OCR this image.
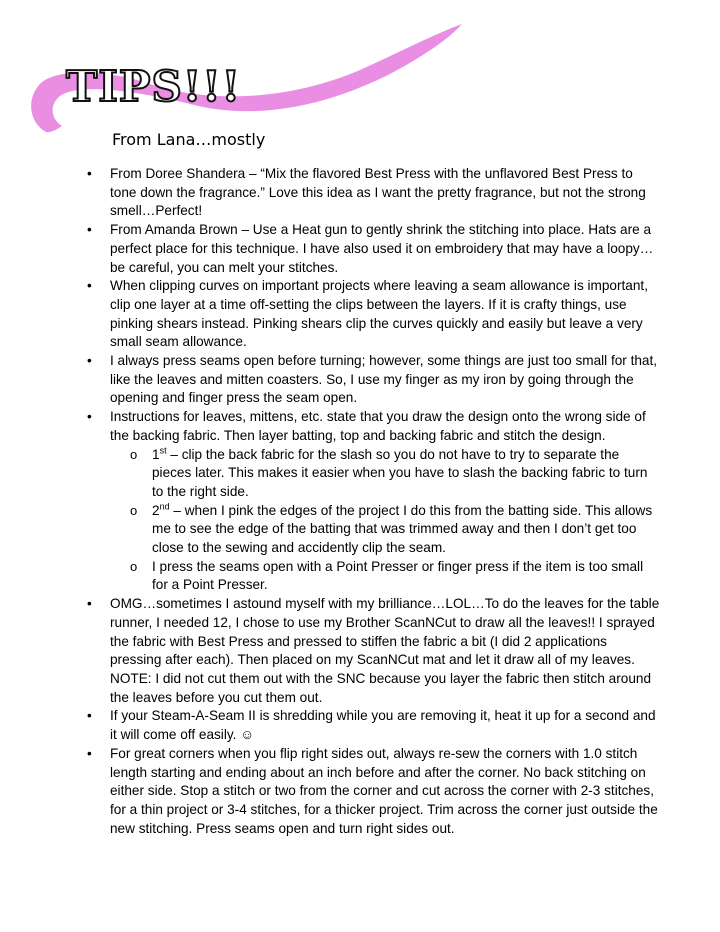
TIPS!!!
From Lana…mostly
• From Doree Shandera – “Mix the flavored Best Press with the unflavored Best Press to tone down the fragrance.” Love this idea as I want the pretty fragrance, but not the strong smell…Perfect!
• From Amanda Brown – Use a Heat gun to gently shrink the stitching into place. Hats are a perfect place for this technique. I have also used it on embroidery that may have a loopy…be careful, you can melt your stitches.
• When clipping curves on important projects where leaving a seam allowance is important, clip one layer at a time off-setting the clips between the layers. If it is crafty things, use pinking shears instead. Pinking shears clip the curves quickly and easily but leave a very small seam allowance.
• I always press seams open before turning; however, some things are just too small for that, like the leaves and mitten coasters. So, I use my finger as my iron by going through the opening and finger press the seam open.
• Instructions for leaves, mittens, etc. state that you draw the design onto the wrong side of the backing fabric. Then layer batting, top and backing fabric and stitch the design.
o 1st – clip the back fabric for the slash so you do not have to try to separate the pieces later. This makes it easier when you have to slash the backing fabric to turn to the right side.
o 2nd – when I pink the edges of the project I do this from the batting side. This allows me to see the edge of the batting that was trimmed away and then I don’t get too close to the sewing and accidently clip the seam.
o I press the seams open with a Point Presser or finger press if the item is too small for a Point Presser.
• OMG…sometimes I astound myself with my brilliance…LOL…To do the leaves for the table runner, I needed 12, I chose to use my Brother ScanNCut to draw all the leaves!! I sprayed the fabric with Best Press and pressed to stiffen the fabric a bit (I did 2 applications pressing after each). Then placed on my ScanNCut mat and let it draw all of my leaves. NOTE: I did not cut them out with the SNC because you layer the fabric then stitch around the leaves before you cut them out.
• If your Steam-A-Seam II is shredding while you are removing it, heat it up for a second and it will come off easily. ☺
• For great corners when you flip right sides out, always re-sew the corners with 1.0 stitch length starting and ending about an inch before and after the corner. No back stitching on either side. Stop a stitch or two from the corner and cut across the corner with 2-3 stitches, for a thin project or 3-4 stitches, for a thicker project. Trim across the corner just outside the new stitching. Press seams open and turn right sides out.
